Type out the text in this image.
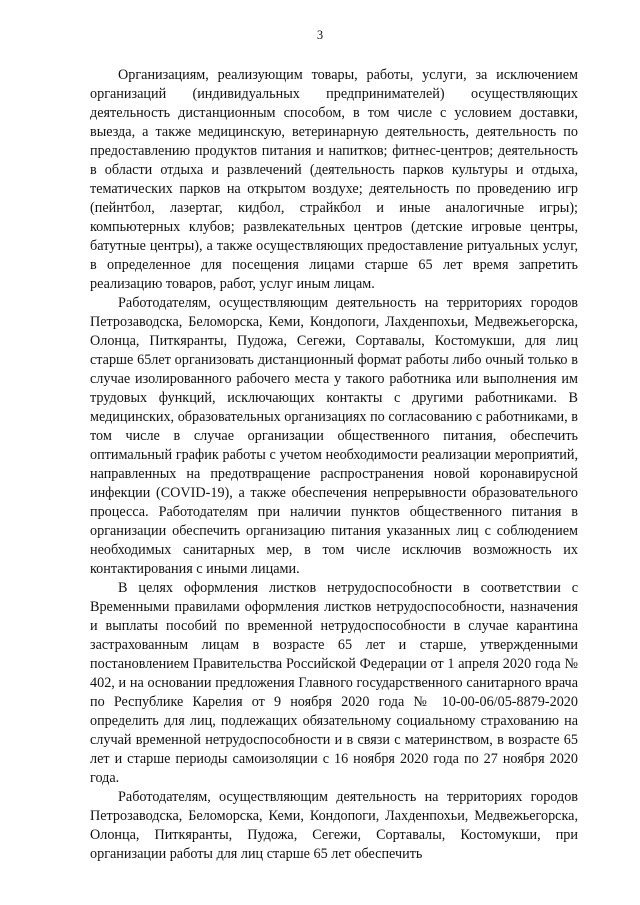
3

Организациям, реализующим товары, работы, услуги, за исключением организаций (индивидуальных предпринимателей) осуществляющих деятельность дистанционным способом, в том числе с условием доставки, выезда, а также медицинскую, ветеринарную деятельность, деятельность по предоставлению продуктов питания и напитков; фитнес-центров; деятельность в области отдыха и развлечений (деятельность парков культуры и отдыха, тематических парков на открытом воздухе; деятельность по проведению игр (пейнтбол, лазертаг, кидбол, страйкбол и иные аналогичные игры); компьютерных клубов; развлекательных центров (детские игровые центры, батутные центры), а также осуществляющих предоставление ритуальных услуг, в определенное для посещения лицами старше 65 лет время запретить реализацию товаров, работ, услуг иным лицам.

Работодателям, осуществляющим деятельность на территориях городов Петрозаводска, Беломорска, Кеми, Кондопоги, Лахденпохьи, Медвежьегорска, Олонца, Питкяранты, Пудожа, Сегежи, Сортавалы, Костомукши, для лиц старше 65лет организовать дистанционный формат работы либо очный только в случае изолированного рабочего места у такого работника или выполнения им трудовых функций, исключающих контакты с другими работниками. В медицинских, образовательных организациях по согласованию с работниками, в том числе в случае организации общественного питания, обеспечить оптимальный график работы с учетом необходимости реализации мероприятий, направленных на предотвращение распространения новой коронавирусной инфекции (COVID-19), а также обеспечения непрерывности образовательного процесса. Работодателям при наличии пунктов общественного питания в организации обеспечить организацию питания указанных лиц с соблюдением необходимых санитарных мер, в том числе исключив возможность их контактирования с иными лицами.

В целях оформления листков нетрудоспособности в соответствии с Временными правилами оформления листков нетрудоспособности, назначения и выплаты пособий по временной нетрудоспособности в случае карантина застрахованным лицам в возрасте 65 лет и старше, утвержденными постановлением Правительства Российской Федерации от 1 апреля 2020 года № 402, и на основании предложения Главного государственного санитарного врача по Республике Карелия от 9 ноября 2020 года № 10-00-06/05-8879-2020 определить для лиц, подлежащих обязательному социальному страхованию на случай временной нетрудоспособности и в связи с материнством, в возрасте 65 лет и старше периоды самоизоляции с 16 ноября 2020 года по 27 ноября 2020 года.

Работодателям, осуществляющим деятельность на территориях городов Петрозаводска, Беломорска, Кеми, Кондопоги, Лахденпохьи, Медвежьегорска, Олонца, Питкяранты, Пудожа, Сегежи, Сортавалы, Костомукши, при организации работы для лиц старше 65 лет обеспечить
